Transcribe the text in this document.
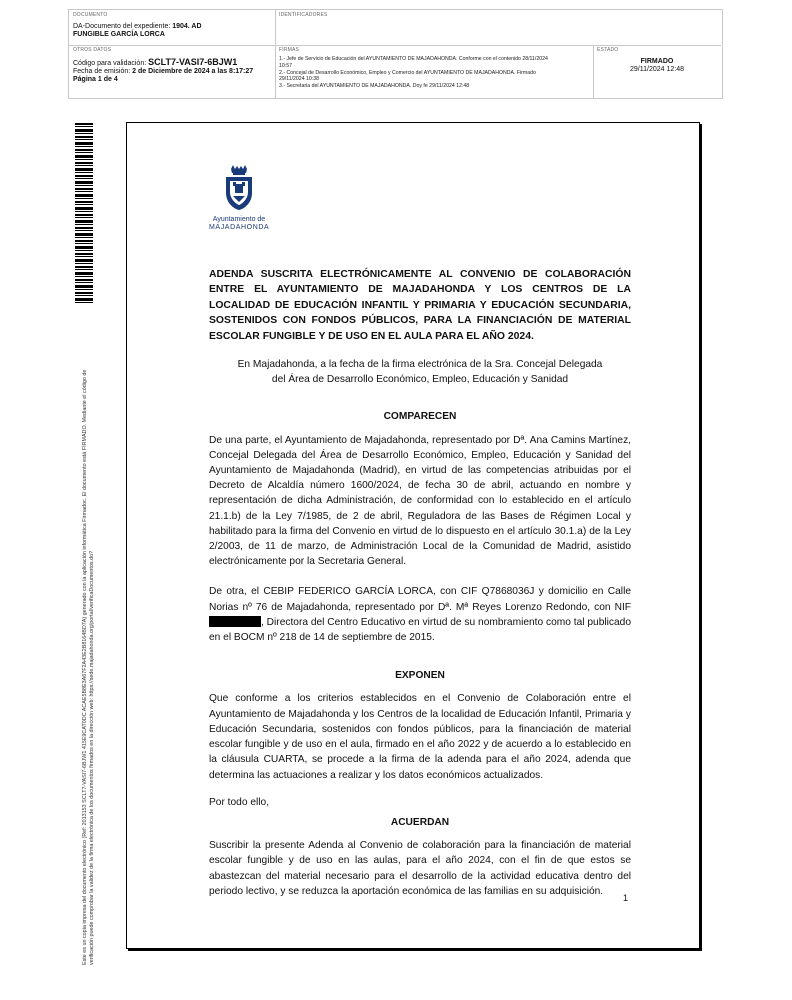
DOCUMENTO
DA-Documento del expediente: 1904. AD
FUNGIBLE GARCÍA LORCA
IDENTIFICADORES
OTROS DATOS
Código para validación: SCLT7-VASI7-6BJW1
Fecha de emisión: 2 de Diciembre de 2024 a las 8:17:27
Página 1 de 4
FIRMAS
1.- Jefe de Servicio de Educación del AYUNTAMIENTO DE MAJADAHONDA. Conforme con el contenido 28/11/2024
10:57
2.- Concejal de Desarrollo Económico, Empleo y Comercio del AYUNTAMIENTO DE MAJADAHONDA. Firmado
29/11/2024 10:38
3.- Secretaria del AYUNTAMIENTO DE MAJADAHONDA. Doy fe 29/11/2024 12:48
ESTADO
FIRMADO
29/11/2024 12:48
Este es un copia impresa del documento electrónico (Ref: 2013153 SCLT7-VASI7-6BJW1 415E9CAT0DC ACAE5B8E3A67F2A43E2B8164BD7A) generado con la aplicación informática Firmadoc. El documento está FIRMADO. Mediante el código de verificación puede comprobar la validez de la firma electrónica de los documentos firmados en la dirección web: https://sede.majadahonda.org/portal/verificaDocumentos.do?
Ayuntamiento de
MAJADAHONDA

ADENDA SUSCRITA ELECTRÓNICAMENTE AL CONVENIO DE COLABORACIÓN ENTRE EL AYUNTAMIENTO DE MAJADAHONDA Y LOS CENTROS DE LA LOCALIDAD DE EDUCACIÓN INFANTIL Y PRIMARIA Y EDUCACIÓN SECUNDARIA, SOSTENIDOS CON FONDOS PÚBLICOS, PARA LA FINANCIACIÓN DE MATERIAL ESCOLAR FUNGIBLE Y DE USO EN EL AULA PARA EL AÑO 2024.

En Majadahonda, a la fecha de la firma electrónica de la Sra. Concejal Delegada
del Área de Desarrollo Económico, Empleo, Educación y Sanidad

COMPARECEN

De una parte, el Ayuntamiento de Majadahonda, representado por Dª. Ana Camins Martínez, Concejal Delegada del Área de Desarrollo Económico, Empleo, Educación y Sanidad del Ayuntamiento de Majadahonda (Madrid), en virtud de las competencias atribuidas por el Decreto de Alcaldía número 1600/2024, de fecha 30 de abril, actuando en nombre y representación de dicha Administración, de conformidad con lo establecido en el artículo 21.1.b) de la Ley 7/1985, de 2 de abril, Reguladora de las Bases de Régimen Local y habilitado para la firma del Convenio en virtud de lo dispuesto en el artículo 30.1.a) de la Ley 2/2003, de 11 de marzo, de Administración Local de la Comunidad de Madrid, asistido electrónicamente por la Secretaria General.

De otra, el CEBIP FEDERICO GARCÍA LORCA, con CIF Q7868036J y domicilio en Calle Norias nº 76 de Majadahonda, representado por Dª. Mª Reyes Lorenzo Redondo, con NIF , Directora del Centro Educativo en virtud de su nombramiento como tal publicado en el BOCM nº 218 de 14 de septiembre de 2015.

EXPONEN

Que conforme a los criterios establecidos en el Convenio de Colaboración entre el Ayuntamiento de Majadahonda y los Centros de la localidad de Educación Infantil, Primaria y Educación Secundaria, sostenidos con fondos públicos, para la financiación de material escolar fungible y de uso en el aula, firmado en el año 2022 y de acuerdo a lo establecido en la cláusula CUARTA, se procede a la firma de la adenda para el año 2024, adenda que determina las actuaciones a realizar y los datos económicos actualizados.

Por todo ello,

ACUERDAN

Suscribir la presente Adenda al Convenio de colaboración para la financiación de material escolar fungible y de uso en las aulas, para el año 2024, con el fin de que estos se abastezcan del material necesario para el desarrollo de la actividad educativa dentro del periodo lectivo, y se reduzca la aportación económica de las familias en su adquisición.

1
